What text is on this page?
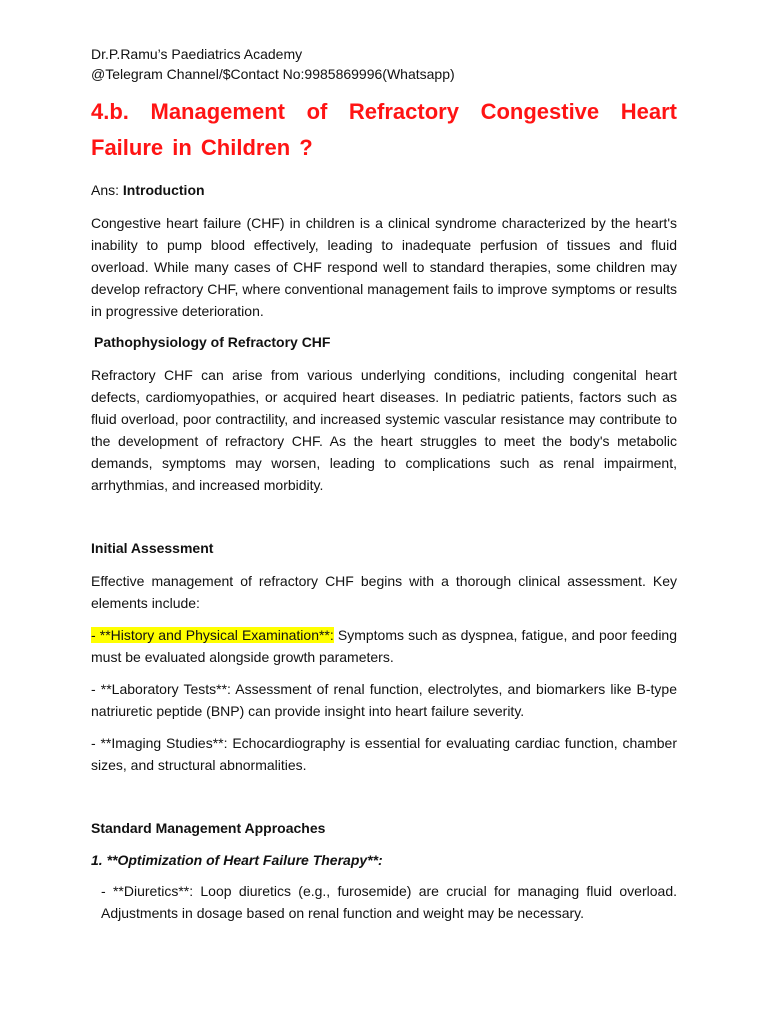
Dr.P.Ramu’s Paediatrics Academy

@Telegram Channel/$Contact No:9985869996(Whatsapp)

4.b. Management of Refractory Congestive Heart Failure in Children ?

Ans: Introduction

Congestive heart failure (CHF) in children is a clinical syndrome characterized by the heart's inability to pump blood effectively, leading to inadequate perfusion of tissues and fluid overload. While many cases of CHF respond well to standard therapies, some children may develop refractory CHF, where conventional management fails to improve symptoms or results in progressive deterioration.

Pathophysiology of Refractory CHF

Refractory CHF can arise from various underlying conditions, including congenital heart defects, cardiomyopathies, or acquired heart diseases. In pediatric patients, factors such as fluid overload, poor contractility, and increased systemic vascular resistance may contribute to the development of refractory CHF. As the heart struggles to meet the body's metabolic demands, symptoms may worsen, leading to complications such as renal impairment, arrhythmias, and increased morbidity.

Initial Assessment

Effective management of refractory CHF begins with a thorough clinical assessment. Key elements include:

- **History and Physical Examination**: Symptoms such as dyspnea, fatigue, and poor feeding must be evaluated alongside growth parameters.

- **Laboratory Tests**: Assessment of renal function, electrolytes, and biomarkers like B-type natriuretic peptide (BNP) can provide insight into heart failure severity.

- **Imaging Studies**: Echocardiography is essential for evaluating cardiac function, chamber sizes, and structural abnormalities.

Standard Management Approaches
1. **Optimization of Heart Failure Therapy**:

- **Diuretics**: Loop diuretics (e.g., furosemide) are crucial for managing fluid overload. Adjustments in dosage based on renal function and weight may be necessary.
